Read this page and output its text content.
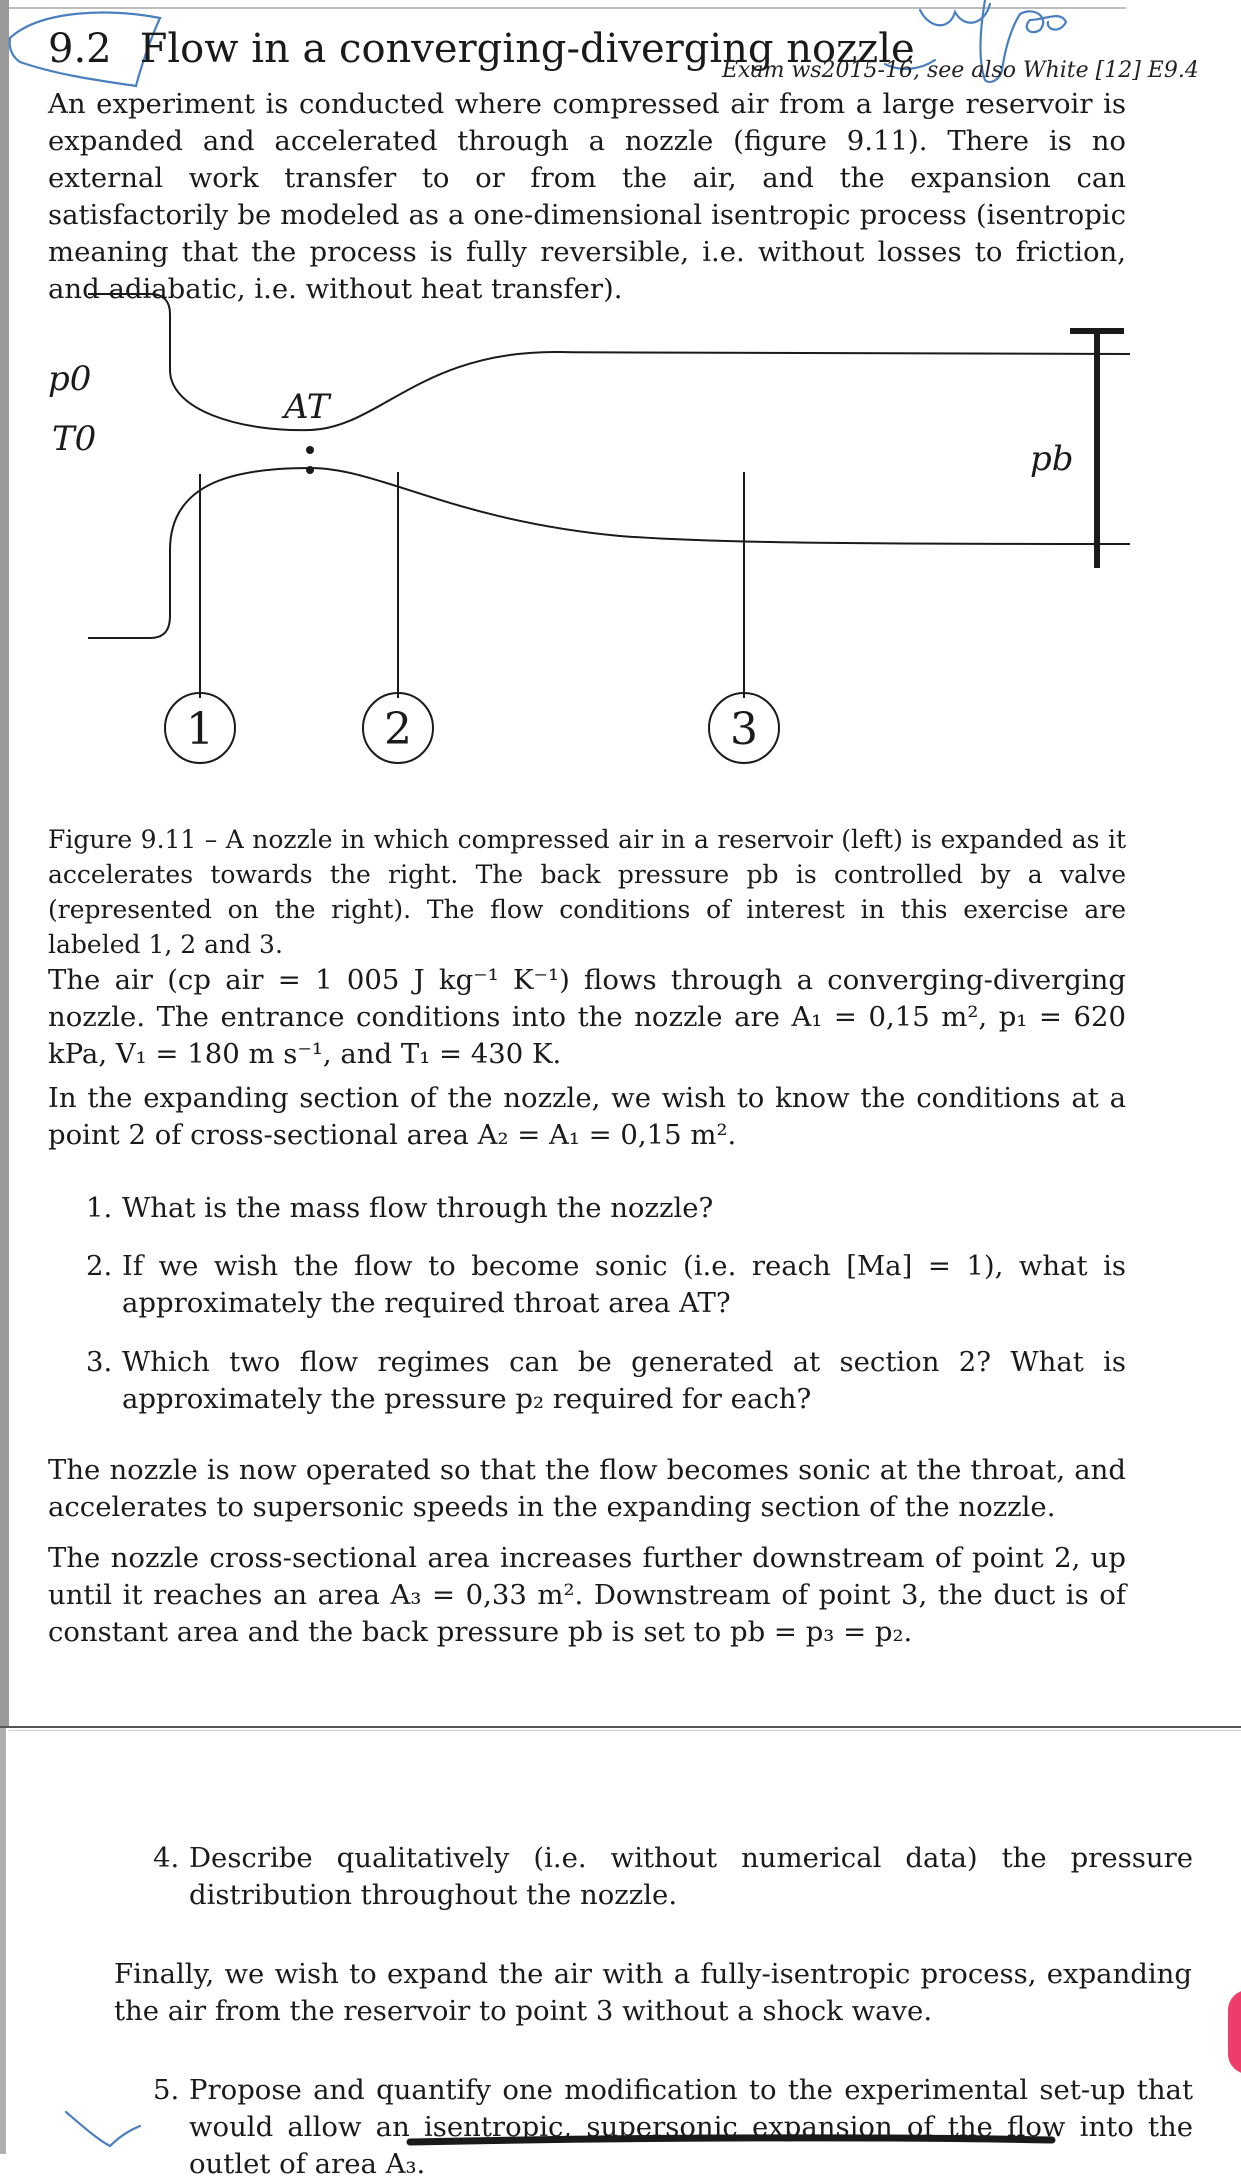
9.2 Flow in a converging-diverging nozzle
Exam ws2015-16, see also White [12] E9.4
An experiment is conducted where compressed air from a large reservoir is expanded and accelerated through a nozzle (figure 9.11). There is no external work transfer to or from the air, and the expansion can satisfactorily be modeled as a one-dimensional isentropic process (isentropic meaning that the process is fully reversible, i.e. without losses to friction, and adiabatic, i.e. without heat transfer).
p0
T0
AT
pb
1	2	3
Figure 9.11 – A nozzle in which compressed air in a reservoir (left) is expanded as it accelerates towards the right. The back pressure pb is controlled by a valve (represented on the right). The flow conditions of interest in this exercise are labeled 1, 2 and 3.
The air (cp air = 1 005 J kg⁻¹ K⁻¹) flows through a converging-diverging nozzle. The entrance conditions into the nozzle are A₁ = 0,15 m², p₁ = 620 kPa, V₁ = 180 m s⁻¹, and T₁ = 430 K.
In the expanding section of the nozzle, we wish to know the conditions at a point 2 of cross-sectional area A₂ = A₁ = 0,15 m².
1. What is the mass flow through the nozzle?
2. If we wish the flow to become sonic (i.e. reach [Ma] = 1), what is approximately the required throat area AT?
3. Which two flow regimes can be generated at section 2? What is approximately the pressure p₂ required for each?
The nozzle is now operated so that the flow becomes sonic at the throat, and accelerates to supersonic speeds in the expanding section of the nozzle.
The nozzle cross-sectional area increases further downstream of point 2, up until it reaches an area A₃ = 0,33 m². Downstream of point 3, the duct is of constant area and the back pressure pb is set to pb = p₃ = p₂.
4. Describe qualitatively (i.e. without numerical data) the pressure distribution throughout the nozzle.
Finally, we wish to expand the air with a fully-isentropic process, expanding the air from the reservoir to point 3 without a shock wave.
5. Propose and quantify one modification to the experimental set-up that would allow an isentropic, supersonic expansion of the flow into the outlet of area A₃.
